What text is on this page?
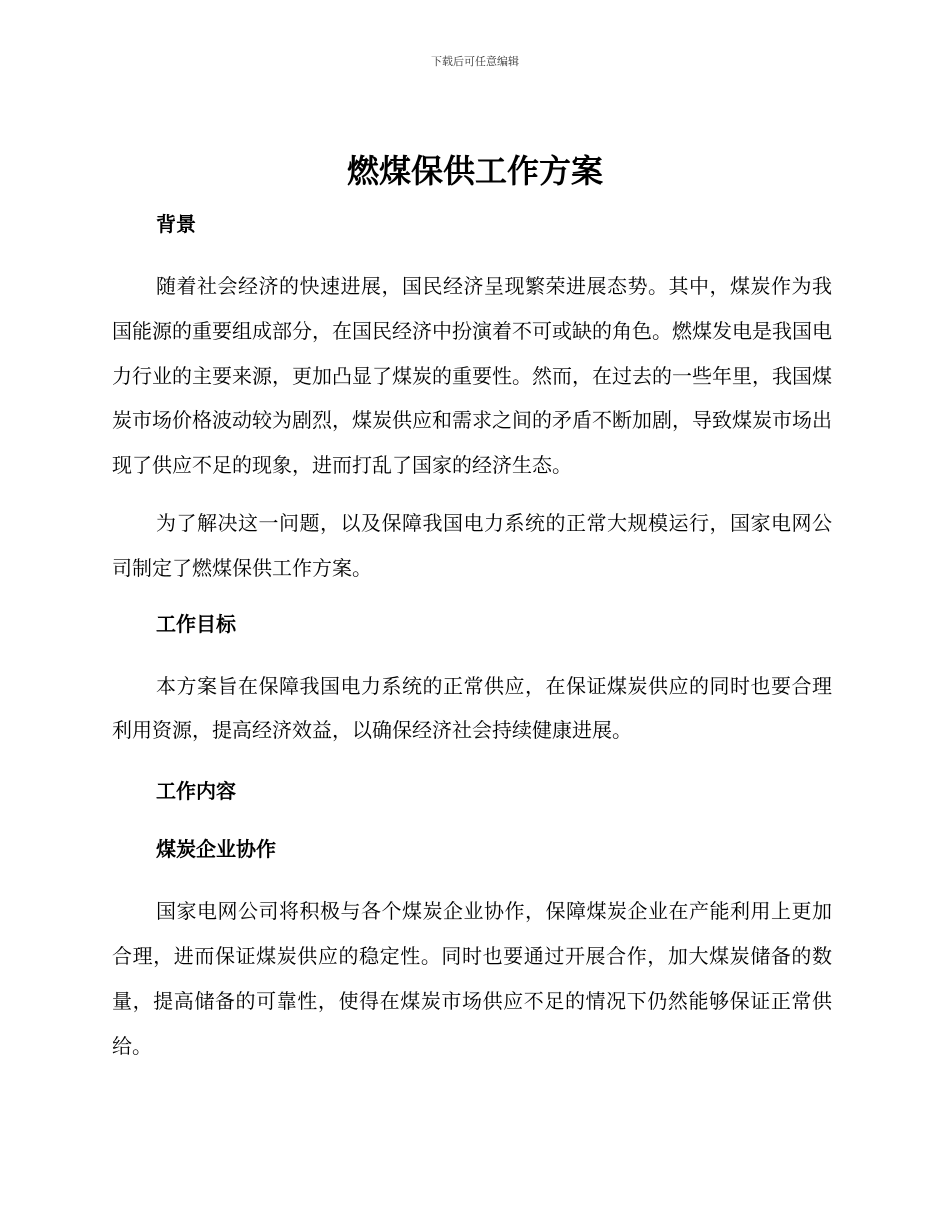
下载后可任意编辑
燃煤保供工作方案
背景

随着社会经济的快速进展，国民经济呈现繁荣进展态势。其中，煤炭作为我国能源的重要组成部分，在国民经济中扮演着不可或缺的角色。燃煤发电是我国电力行业的主要来源，更加凸显了煤炭的重要性。然而，在过去的一些年里，我国煤炭市场价格波动较为剧烈，煤炭供应和需求之间的矛盾不断加剧，导致煤炭市场出现了供应不足的现象，进而打乱了国家的经济生态。

为了解决这一问题，以及保障我国电力系统的正常大规模运行，国家电网公司制定了燃煤保供工作方案。

工作目标

本方案旨在保障我国电力系统的正常供应，在保证煤炭供应的同时也要合理利用资源，提高经济效益，以确保经济社会持续健康进展。

工作内容
煤炭企业协作

国家电网公司将积极与各个煤炭企业协作，保障煤炭企业在产能利用上更加合理，进而保证煤炭供应的稳定性。同时也要通过开展合作，加大煤炭储备的数量，提高储备的可靠性，使得在煤炭市场供应不足的情况下仍然能够保证正常供给。
